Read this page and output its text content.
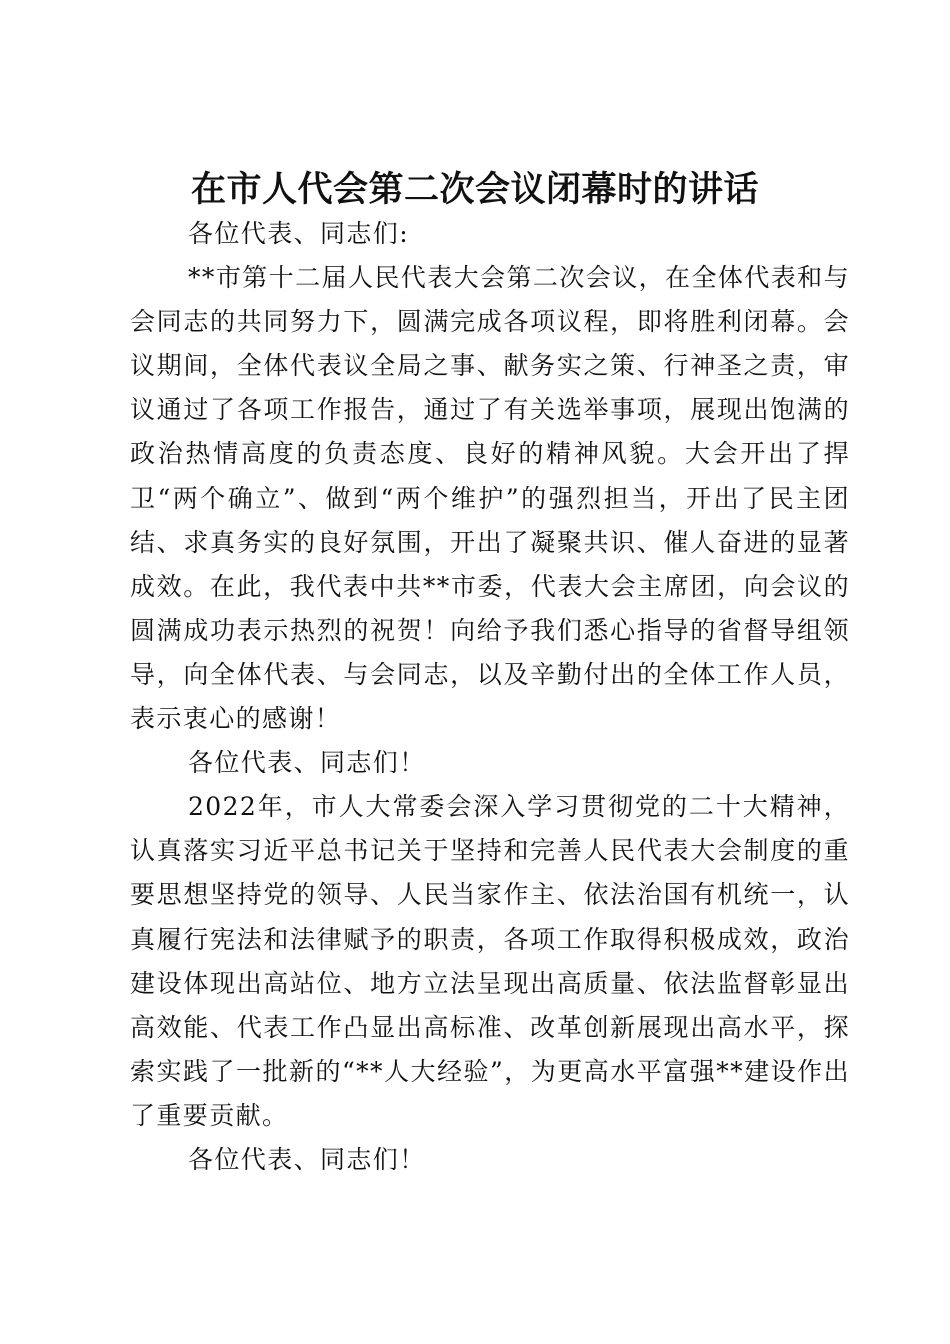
在市人代会第二次会议闭幕时的讲话

各位代表、同志们:

**市第十二届人民代表大会第二次会议，在全体代表和与会同志的共同努力下，圆满完成各项议程，即将胜利闭幕。会议期间，全体代表议全局之事、献务实之策、行神圣之责，审议通过了各项工作报告，通过了有关选举事项，展现出饱满的政治热情高度的负责态度、良好的精神风貌。大会开出了捍卫“两个确立”、做到“两个维护”的强烈担当，开出了民主团结、求真务实的良好氛围，开出了凝聚共识、催人奋进的显著成效。在此，我代表中共**市委，代表大会主席团，向会议的圆满成功表示热烈的祝贺！向给予我们悉心指导的省督导组领导，向全体代表、与会同志，以及辛勤付出的全体工作人员，表示衷心的感谢！

各位代表、同志们！

2022年，市人大常委会深入学习贯彻党的二十大精神，认真落实习近平总书记关于坚持和完善人民代表大会制度的重要思想坚持党的领导、人民当家作主、依法治国有机统一，认真履行宪法和法律赋予的职责，各项工作取得积极成效，政治建设体现出高站位、地方立法呈现出高质量、依法监督彰显出高效能、代表工作凸显出高标准、改革创新展现出高水平，探索实践了一批新的“**人大经验”，为更高水平富强**建设作出了重要贡献。

各位代表、同志们！
